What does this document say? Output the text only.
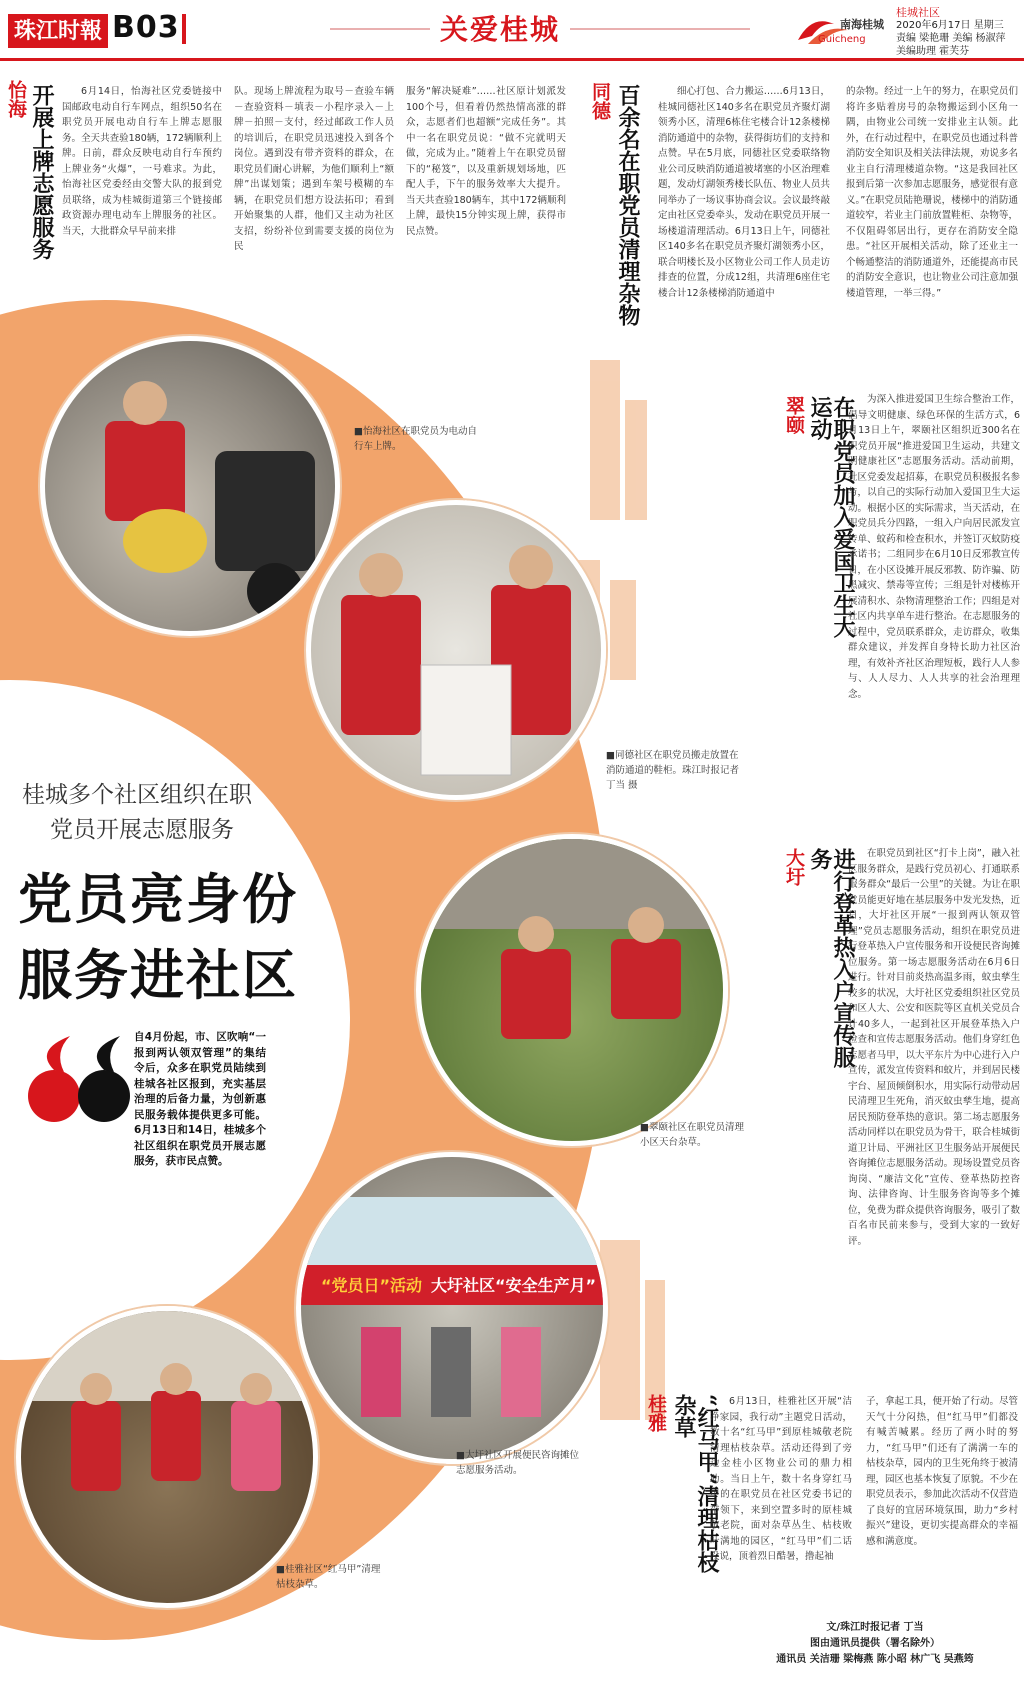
珠江时報 B03	关爱桂城	南海桂城
Guicheng
桂城社区
2020年6月17日 星期三
责编 梁艳珊 美编 杨淑萍
美编助理 霍芙芬
怡海 开展上牌志愿服务	6月14日，怡海社区党委链接中国邮政电动自行车网点，组织50名在职党员开展电动自行车上牌志愿服务。全天共查验180辆，172辆顺利上牌。日前，群众反映电动自行车预约上牌业务“火爆”，一号难求。为此，怡海社区党委经由交警大队的报到党员联络，成为桂城街道第三个链接邮政资源办理电动车上牌服务的社区。当天，大批群众早早前来排

队。现场上牌流程为取号－查验车辆－查验资料－填表－小程序录入－上牌－拍照－支付，经过邮政工作人员的培训后，在职党员迅速投入到各个岗位。遇到没有带齐资料的群众，在职党员们耐心讲解，为他们顺利上“额牌”出谋划策；遇到车架号模糊的车辆，在职党员们想方设法拓印；看到开始聚集的人群，他们又主动为社区支招，纷纷补位到需要支援的岗位为民

服务“解决疑难”……社区原计划派发100个号，但看着仍然热情高涨的群众，志愿者们也超额“完成任务”。其中一名在职党员说：“做不完就明天做，完成为止。”随着上午在职党员留下的“秘笈”，以及重新规划场地，匹配人手，下午的服务效率大大提升。当天共查验180辆车，其中172辆顺利上牌，最快15分钟实现上牌，获得市民点赞。

同德 百余名在职党员清理杂物	细心打包、合力搬运……6月13日，桂城同德社区140多名在职党员齐聚灯湖领秀小区，清理6栋住宅楼合计12条楼梯消防通道中的杂物，获得街坊们的支持和点赞。早在5月底，同德社区党委联络物业公司反映消防通道被堵塞的小区治理难题，发动灯湖领秀楼长队伍、物业人员共同举办了一场议事协商会议。会议最终敲定由社区党委牵头，发动在职党员开展一场楼道清理活动。6月13日上午，同德社区140多名在职党员齐聚灯湖领秀小区，联合明楼长及小区物业公司工作人员走访排查的位置，分成12组，共清理6座住宅楼合计12条楼梯消防通道中

的杂物。经过一上午的努力，在职党员们将许多贴着房号的杂物搬运到小区角一隅，由物业公司统一安排业主认领。此外，在行动过程中，在职党员也通过科普消防安全知识及相关法律法规，劝说多名业主自行清理楼道杂物。“这是我回社区报到后第一次参加志愿服务，感觉很有意义。”在职党员陆艳珊说，楼梯中的消防通道较窄，若业主门前放置鞋柜、杂物等，不仅阻碍邻居出行，更存在消防安全隐患。“社区开展相关活动，除了还业主一个畅通整洁的消防通道外，还能提高市民的消防安全意识，也让物业公司注意加强楼道管理，一举三得。”

翠颐	在职党员加入爱国卫生大运动	为深入推进爱国卫生综合整治工作，倡导文明健康、绿色环保的生活方式，6月13日上午，翠颐社区组织近300名在职党员开展“推进爱国卫生运动，共建文明健康社区”志愿服务活动。活动前期，社区党委发起招募，在职党员积极报名参与，以自己的实际行动加入爱国卫生大运动。根据小区的实际需求，当天活动，在职党员兵分四路，一组入户向居民派发宣传单、蚊药和检查积水，并签订灭蚊防疫承诺书；二组同步在6月10日反邪教宣传日，在小区设摊开展反邪教、防诈骗、防黑减灾、禁毒等宣传；三组是针对楼栋开展清积水、杂物清理整治工作；四组是对社区内共享单车进行整治。在志愿服务的过程中，党员联系群众，走访群众，收集群众建议，并发挥自身特长助力社区治理，有效补齐社区治理短板，践行人人参与、人人尽力、人人共享的社会治理理念。

大圩	进行登革热入户宣传服务	在职党员到社区“打卡上岗”，融入社区服务群众，是践行党员初心、打通联系服务群众“最后一公里”的关键。为让在职党员能更好地在基层服务中发光发热，近日，大圩社区开展“一报到两认领双管理”党员志愿服务活动，组织在职党员进行登革热入户宣传服务和开设便民咨询摊位服务。第一场志愿服务活动在6月6日进行。针对目前炎热高温多雨，蚊虫孳生较多的状况，大圩社区党委组织社区党员和区人大、公安和医院等区直机关党员合计40多人，一起到社区开展登革热入户检查和宣传志愿服务活动。他们身穿红色志愿者马甲，以大平东片为中心进行入户宣传，派发宣传资料和蚊片，并到居民楼宇台、屋顶倾倒积水，用实际行动带动居民清理卫生死角，消灭蚊虫孳生地，提高居民预防登革热的意识。第二场志愿服务活动同样以在职党员为骨干，联合桂城街道卫计局、平洲社区卫生服务站开展便民咨询摊位志愿服务活动。现场设置党员咨询岗、“廉洁文化”宣传、登革热防控咨询、法律咨询、计生服务咨询等多个摊位，免费为群众提供咨询服务，吸引了数百名市民前来参与，受到大家的一致好评。

桂雅	“红马甲”清理枯枝杂草	6月13日，桂雅社区开展“洁净家园，我行动”主题党日活动，数十名“红马甲”到原桂城敬老院清理枯枝杂草。活动还得到了旁边金桂小区物业公司的鼎力相助。当日上午，数十名身穿红马甲的在职党员在社区党委书记的带领下，来到空置多时的原桂城敬老院，面对杂草丛生、枯枝败叶满地的园区，“红马甲”们二话没说，顶着烈日酷暑，撸起袖

子，拿起工具，便开始了行动。尽管天气十分闷热，但“红马甲”们都没有喊苦喊累。经历了两小时的努力，“红马甲”们还有了满满一车的枯枝杂草，园内的卫生死角终于被清理，园区也基本恢复了原貌。不少在职党员表示，参加此次活动不仅营造了良好的宜居环境氛围，助力“乡村振兴”建设，更切实提高群众的幸福感和满意度。

■怡海社区在职党员为电动自行车上牌。
■同德社区在职党员搬走放置在消防通道的鞋柜。珠江时报记者 丁当 摄
■翠颐社区在职党员清理小区天台杂草。
“党员日”活动 大圩社区“安全生产月”
■大圩社区开展便民咨询摊位志愿服务活动。
■桂雅社区“红马甲”清理枯枝杂草。
桂城多个社区组织在职
党员开展志愿服务
党员亮身份
服务进社区
自4月份起，市、区吹响“一报到两认领双管理”的集结令后，众多在职党员陆续到桂城各社区报到，充实基层治理的后备力量，为创新惠民服务载体提供更多可能。6月13日和14日，桂城多个社区组织在职党员开展志愿服务，获市民点赞。
文/珠江时报记者 丁当
图由通讯员提供（署名除外）
通讯员 关洁珊 梁梅燕 陈小昭 林广飞 吴燕筠
